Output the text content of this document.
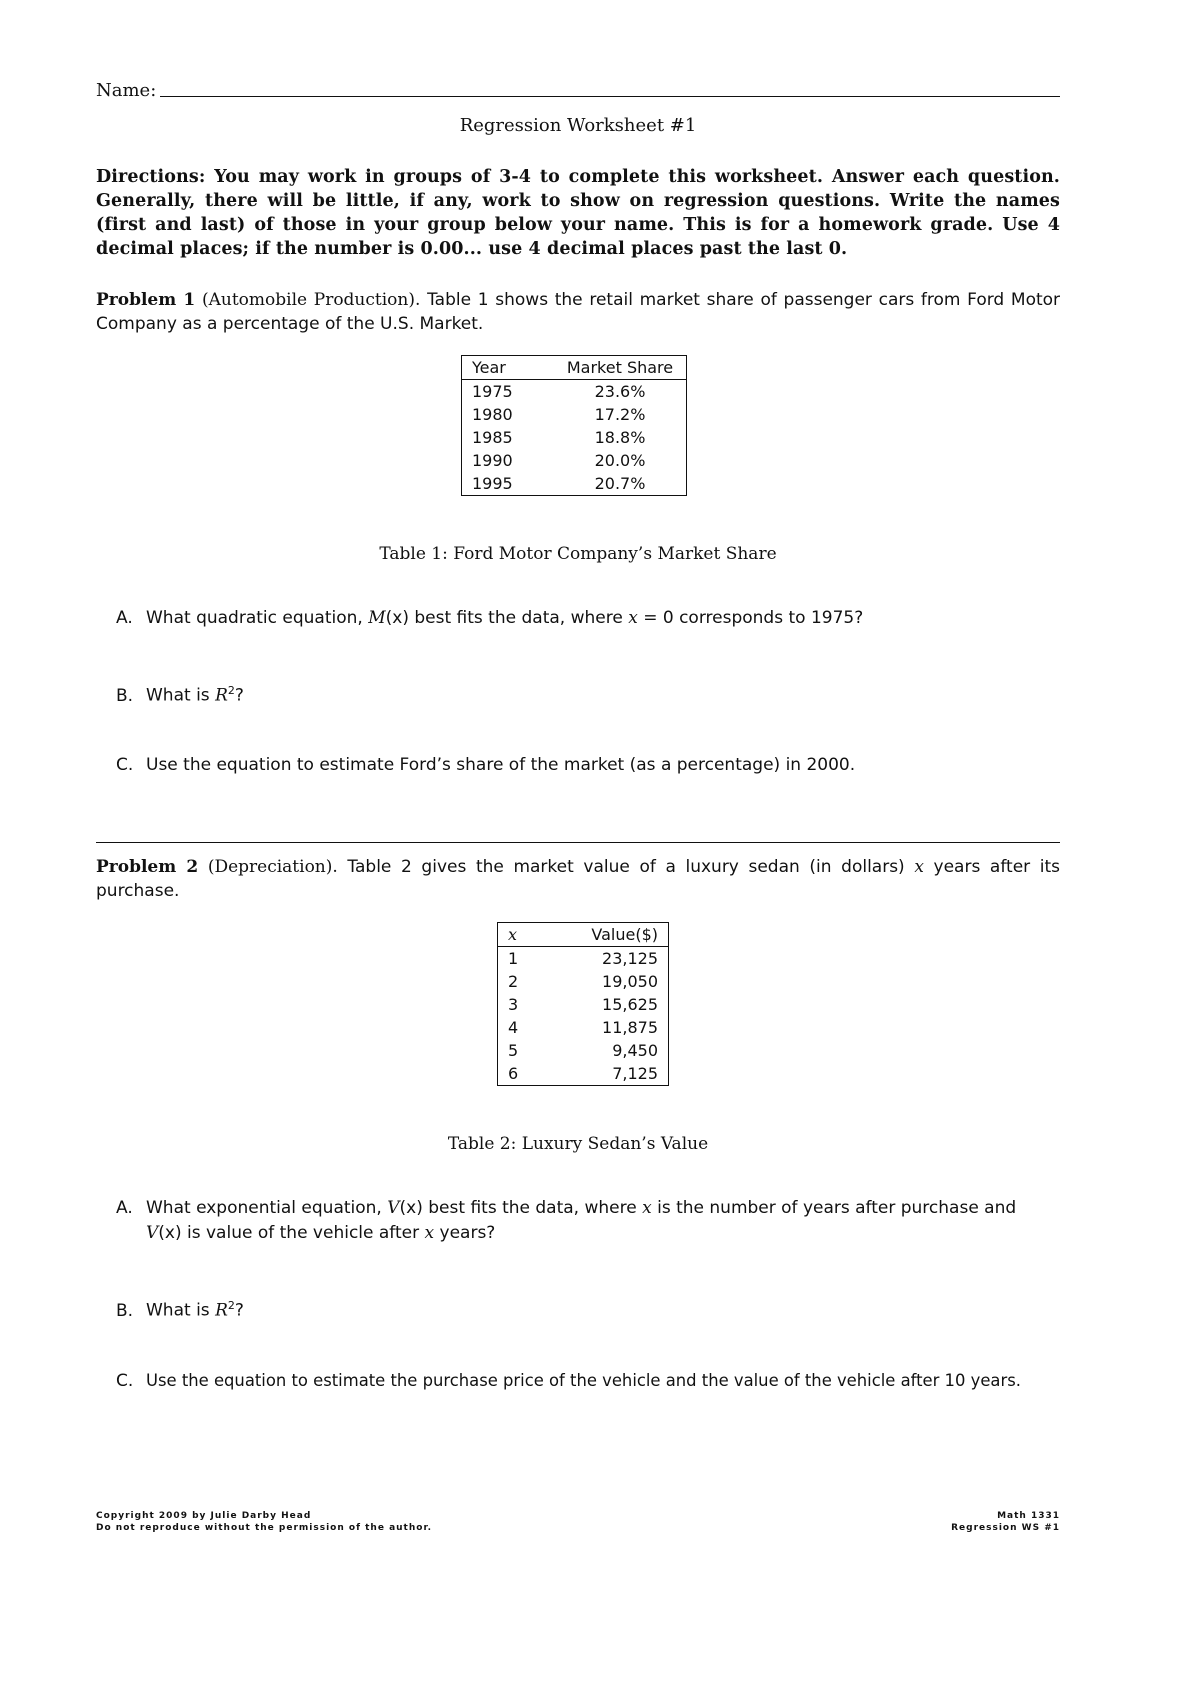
Name:
Regression Worksheet #1
Directions: You may work in groups of 3-4 to complete this worksheet. Answer each question. Generally, there will be little, if any, work to show on regression questions. Write the names (first and last) of those in your group below your name. This is for a homework grade. Use 4 decimal places; if the number is 0.00... use 4 decimal places past the last 0.
Problem 1 (Automobile Production). Table 1 shows the retail market share of passenger cars from Ford Motor Company as a percentage of the U.S. Market.
Year	Market Share
1975	23.6%
1980	17.2%
1985	18.8%
1990	20.0%
1995	20.7%
Table 1: Ford Motor Company’s Market Share
A. What quadratic equation, M(x) best fits the data, where x = 0 corresponds to 1975?
B. What is $R^2$?
C. Use the equation to estimate Ford’s share of the market (as a percentage) in 2000.
Problem 2 (Depreciation). Table 2 gives the market value of a luxury sedan (in dollars) x years after its purchase.
x	Value($)
1	23,125
2	19,050
3	15,625
4	11,875
5	9,450
6	7,125
Table 2: Luxury Sedan’s Value
A. What exponential equation, V(x) best fits the data, where x is the number of years after purchase and
V(x) is value of the vehicle after x years?
B. What is $R^2$?
C. Use the equation to estimate the purchase price of the vehicle and the value of the vehicle after 10 years.
Copyright 2009 by Julie Darby Head
Do not reproduce without the permission of the author.
Math 1331
Regression WS #1
